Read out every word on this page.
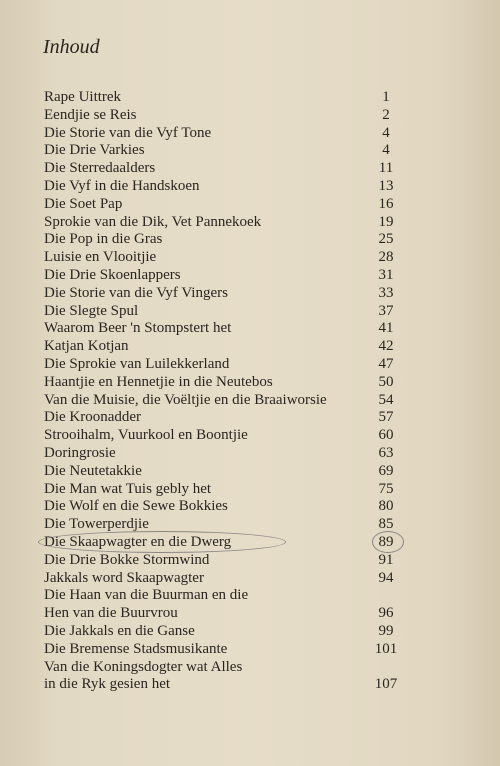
Inhoud
Rape Uittrek	1
Eendjie se Reis	2
Die Storie van die Vyf Tone	4
Die Drie Varkies	4
Die Sterredaalders	11
Die Vyf in die Handskoen	13
Die Soet Pap	16
Sprokie van die Dik, Vet Pannekoek	19
Die Pop in die Gras	25
Luisie en Vlooitjie	28
Die Drie Skoenlappers	31
Die Storie van die Vyf Vingers	33
Die Slegte Spul	37
Waarom Beer 'n Stompstert het	41
Katjan Kotjan	42
Die Sprokie van Luilekkerland	47
Haantjie en Hennetjie in die Neutebos	50
Van die Muisie, die Voëltjie en die Braaiworsie	54
Die Kroonadder	57
Strooihalm, Vuurkool en Boontjie	60
Doringrosie	63
Die Neutetakkie	69
Die Man wat Tuis gebly het	75
Die Wolf en die Sewe Bokkies	80
Die Towerperdjie	85
Die Skaapwagter en die Dwerg	89
Die Drie Bokke Stormwind	91
Jakkals word Skaapwagter	94
Die Haan van die Buurman en die
Hen van die Buurvrou	96
Die Jakkals en die Ganse	99
Die Bremense Stadsmusikante	101
Van die Koningsdogter wat Alles
in die Ryk gesien het	107
